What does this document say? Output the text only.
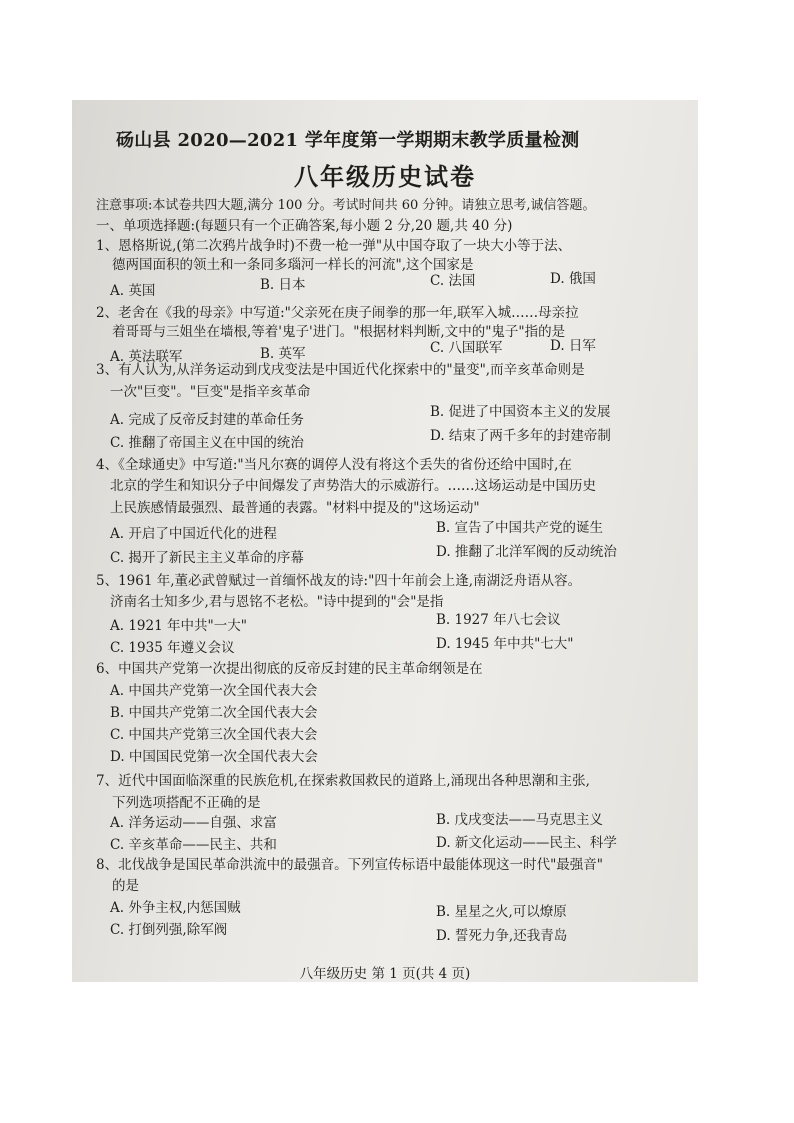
砀山县 2020—2021 学年度第一学期期末教学质量检测
八年级历史试卷
注意事项:本试卷共四大题,满分 100 分。考试时间共 60 分钟。请独立思考,诚信答题。
一、单项选择题:(每题只有一个正确答案,每小题 2 分,20 题,共 40 分)
1、恩格斯说,(第二次鸦片战争时)不费一枪一弹"从中国夺取了一块大小等于法、
德两国面积的领土和一条同多瑙河一样长的河流",这个国家是
A. 英国	B. 日本	C. 法国	D. 俄国
2、老舍在《我的母亲》中写道:"父亲死在庚子闹拳的那一年,联军入城……母亲拉
着哥哥与三姐坐在墙根,等着'鬼子'进门。"根据材料判断,文中的"鬼子"指的是
A. 英法联军	B. 英军	C. 八国联军	D. 日军
3、有人认为,从洋务运动到戊戌变法是中国近代化探索中的"量变",而辛亥革命则是
一次"巨变"。"巨变"是指辛亥革命
A. 完成了反帝反封建的革命任务	B. 促进了中国资本主义的发展
C. 推翻了帝国主义在中国的统治	D. 结束了两千多年的封建帝制
4、《全球通史》中写道:"当凡尔赛的调停人没有将这个丢失的省份还给中国时,在
北京的学生和知识分子中间爆发了声势浩大的示威游行。……这场运动是中国历史
上民族感情最强烈、最普通的表露。"材料中提及的"这场运动"
A. 开启了中国近代化的进程	B. 宣告了中国共产党的诞生
C. 揭开了新民主主义革命的序幕	D. 推翻了北洋军阀的反动统治
5、1961 年,董必武曾赋过一首缅怀战友的诗:"四十年前会上逢,南湖泛舟语从容。
济南名士知多少,君与恩铭不老松。"诗中提到的"会"是指
A. 1921 年中共"一大"	B. 1927 年八七会议
C. 1935 年遵义会议	D. 1945 年中共"七大"
6、中国共产党第一次提出彻底的反帝反封建的民主革命纲领是在
A. 中国共产党第一次全国代表大会
B. 中国共产党第二次全国代表大会
C. 中国共产党第三次全国代表大会
D. 中国国民党第一次全国代表大会
7、近代中国面临深重的民族危机,在探索救国救民的道路上,涌现出各种思潮和主张,
下列选项搭配不正确的是
A. 洋务运动——自强、求富	B. 戊戌变法——马克思主义
C. 辛亥革命——民主、共和	D. 新文化运动——民主、科学
8、北伐战争是国民革命洪流中的最强音。下列宣传标语中最能体现这一时代"最强音"
的是
A. 外争主权,内惩国贼	B. 星星之火,可以燎原
C. 打倒列强,除军阀	D. 誓死力争,还我青岛
八年级历史 第 1 页(共 4 页)
